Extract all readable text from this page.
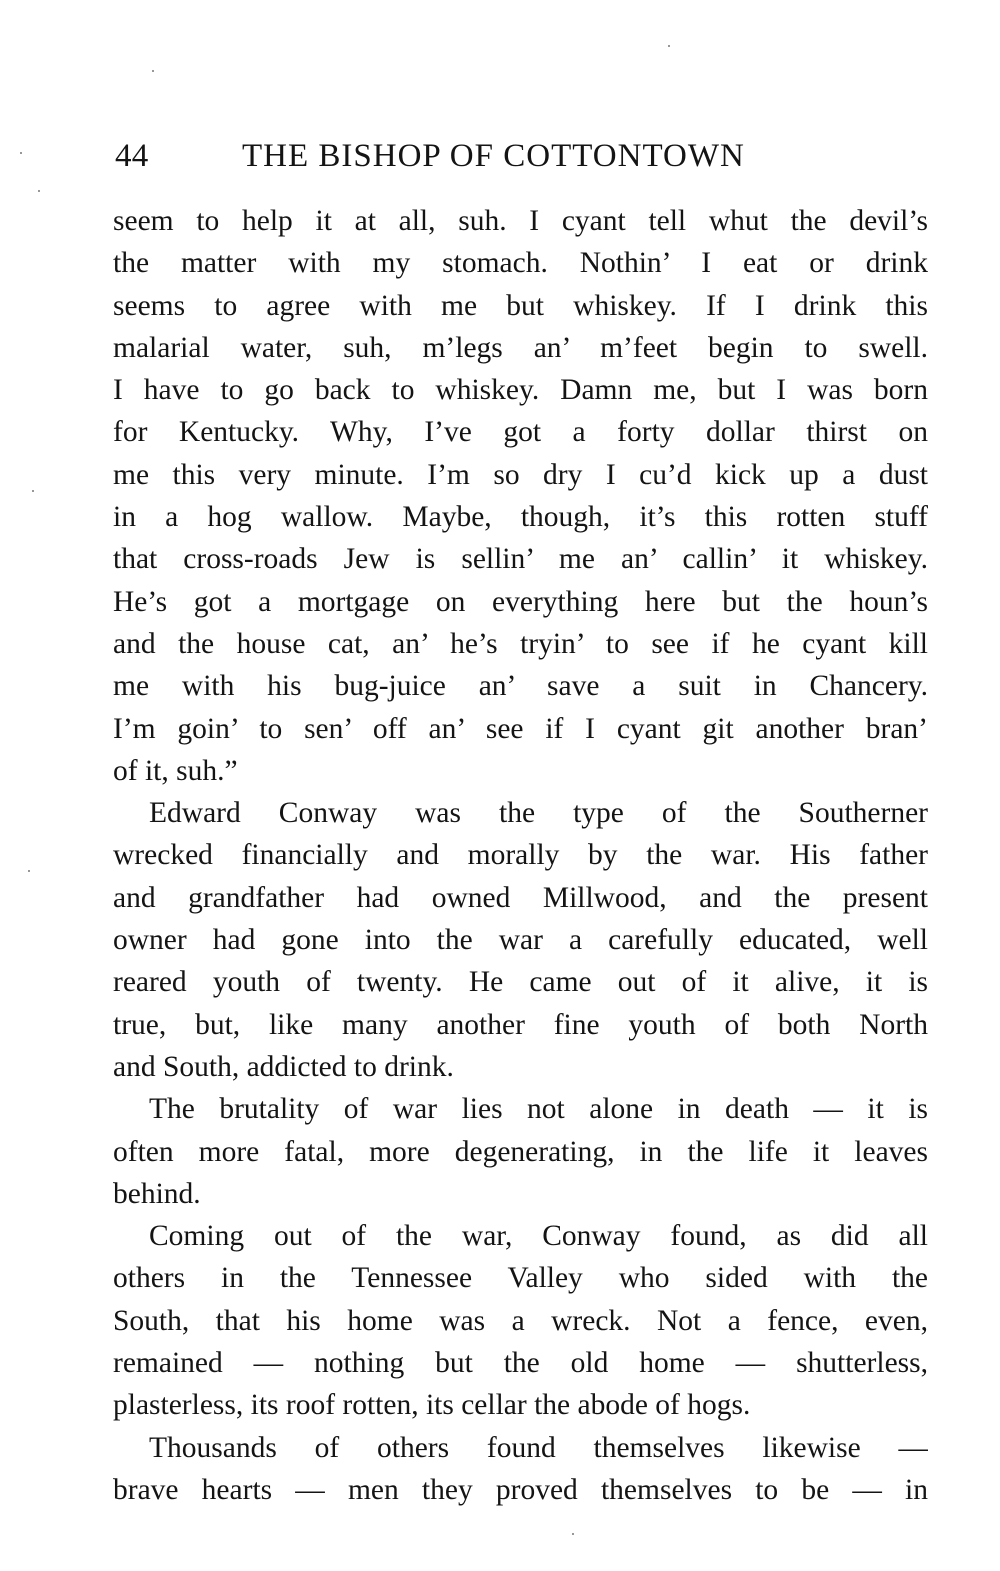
44	THE BISHOP OF COTTONTOWN
seem to help it at all, suh. I cyant tell whut the devil’s
the matter with my stomach. Nothin’ I eat or drink
seems to agree with me but whiskey. If I drink this
malarial water, suh, m’legs an’ m’feet begin to swell.
I have to go back to whiskey. Damn me, but I was born
for Kentucky. Why, I’ve got a forty dollar thirst on
me this very minute. I’m so dry I cu’d kick up a dust
in a hog wallow. Maybe, though, it’s this rotten stuff
that cross-roads Jew is sellin’ me an’ callin’ it whiskey.
He’s got a mortgage on everything here but the houn’s
and the house cat, an’ he’s tryin’ to see if he cyant kill
me with his bug-juice an’ save a suit in Chancery.
I’m goin’ to sen’ off an’ see if I cyant git another bran’
of it, suh.”
Edward Conway was the type of the Southerner
wrecked financially and morally by the war. His father
and grandfather had owned Millwood, and the present
owner had gone into the war a carefully educated, well
reared youth of twenty. He came out of it alive, it is
true, but, like many another fine youth of both North
and South, addicted to drink.
The brutality of war lies not alone in death — it is
often more fatal, more degenerating, in the life it leaves
behind.
Coming out of the war, Conway found, as did all
others in the Tennessee Valley who sided with the
South, that his home was a wreck. Not a fence, even,
remained — nothing but the old home — shutterless,
plasterless, its roof rotten, its cellar the abode of hogs.
Thousands of others found themselves likewise —
brave hearts — men they proved themselves to be — in
